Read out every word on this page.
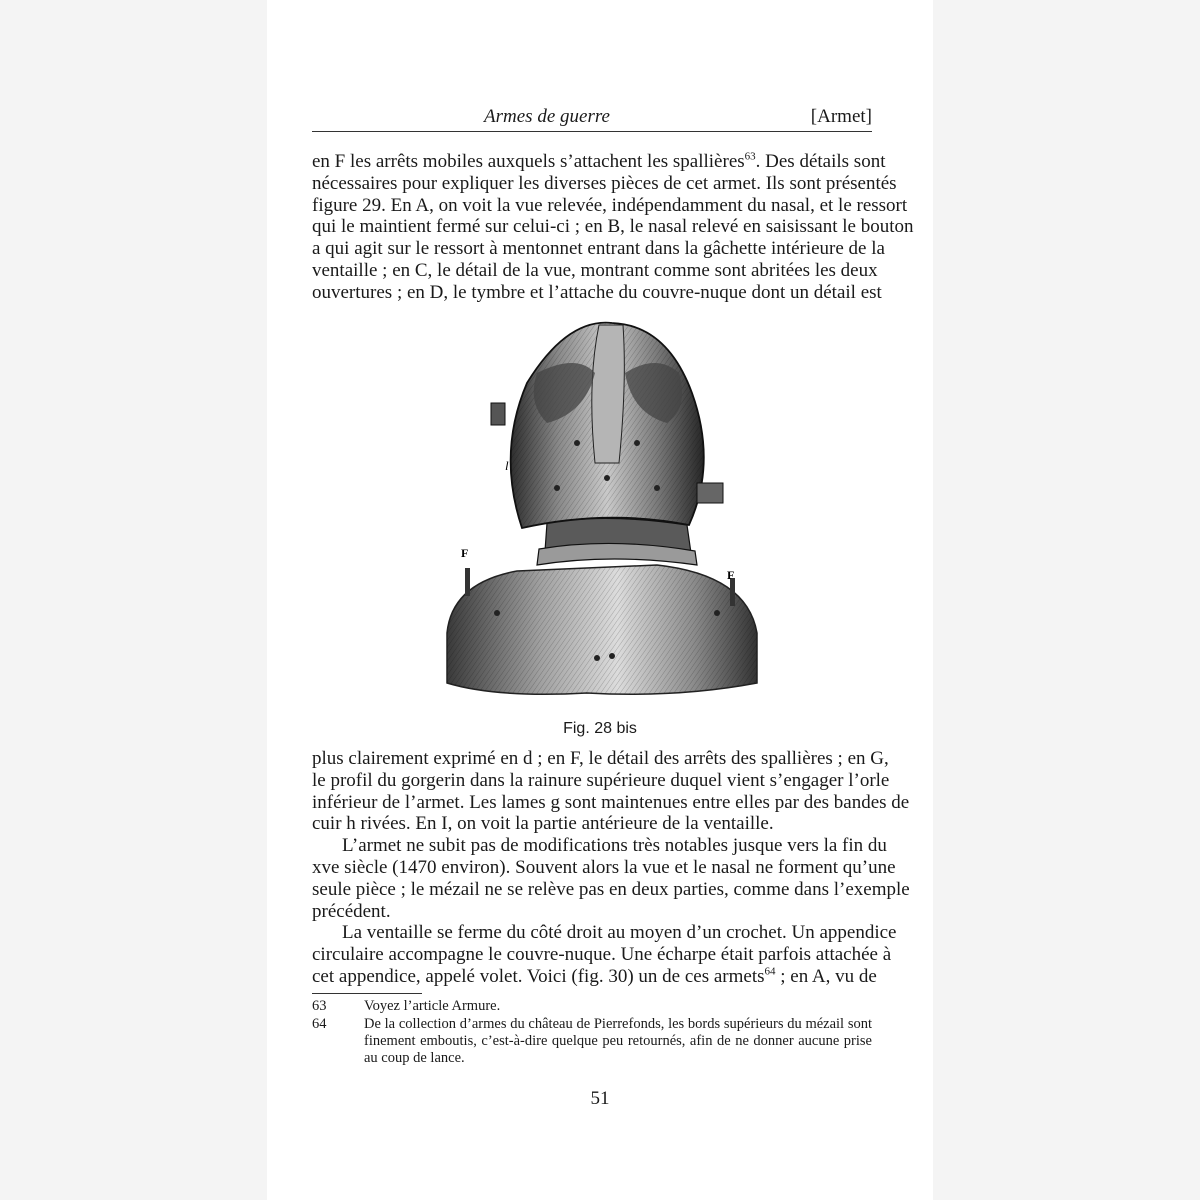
Armes de guerre	[Armet]
en F les arrêts mobiles auxquels s’attachent les spallières$^{63}$. Des détails sont
nécessaires pour expliquer les diverses pièces de cet armet. Ils sont présentés
figure 29. En A, on voit la vue relevée, indépendamment du nasal, et le ressort
qui le maintient fermé sur celui-ci ; en B, le nasal relevé en saisissant le bouton
a qui agit sur le ressort à mentonnet entrant dans la gâchette intérieure de la
ventaille ; en C, le détail de la vue, montrant comme sont abritées les deux
ouvertures ; en D, le tymbre et l’attache du couvre-nuque dont un détail est
F
F
l
Fig. 28 bis
plus clairement exprimé en d ; en F, le détail des arrêts des spallières ; en G,
le profil du gorgerin dans la rainure supérieure duquel vient s’engager l’orle
inférieur de l’armet. Les lames g sont maintenues entre elles par des bandes de
cuir h rivées. En I, on voit la partie antérieure de la ventaille.
L’armet ne subit pas de modifications très notables jusque vers la fin du
xve siècle (1470 environ). Souvent alors la vue et le nasal ne forment qu’une
seule pièce ; le mézail ne se relève pas en deux parties, comme dans l’exemple
précédent.
La ventaille se ferme du côté droit au moyen d’un crochet. Un appendice
circulaire accompagne le couvre-nuque. Une écharpe était parfois attachée à
cet appendice, appelé volet. Voici (fig. 30) un de ces armets$^{64}$ ; en A, vu de
63	Voyez l’article Armure.
64	De la collection d’armes du château de Pierrefonds, les bords supérieurs du mézail sont finement emboutis, c’est-à-dire quelque peu retournés, afin de ne donner aucune prise au coup de lance.
51
